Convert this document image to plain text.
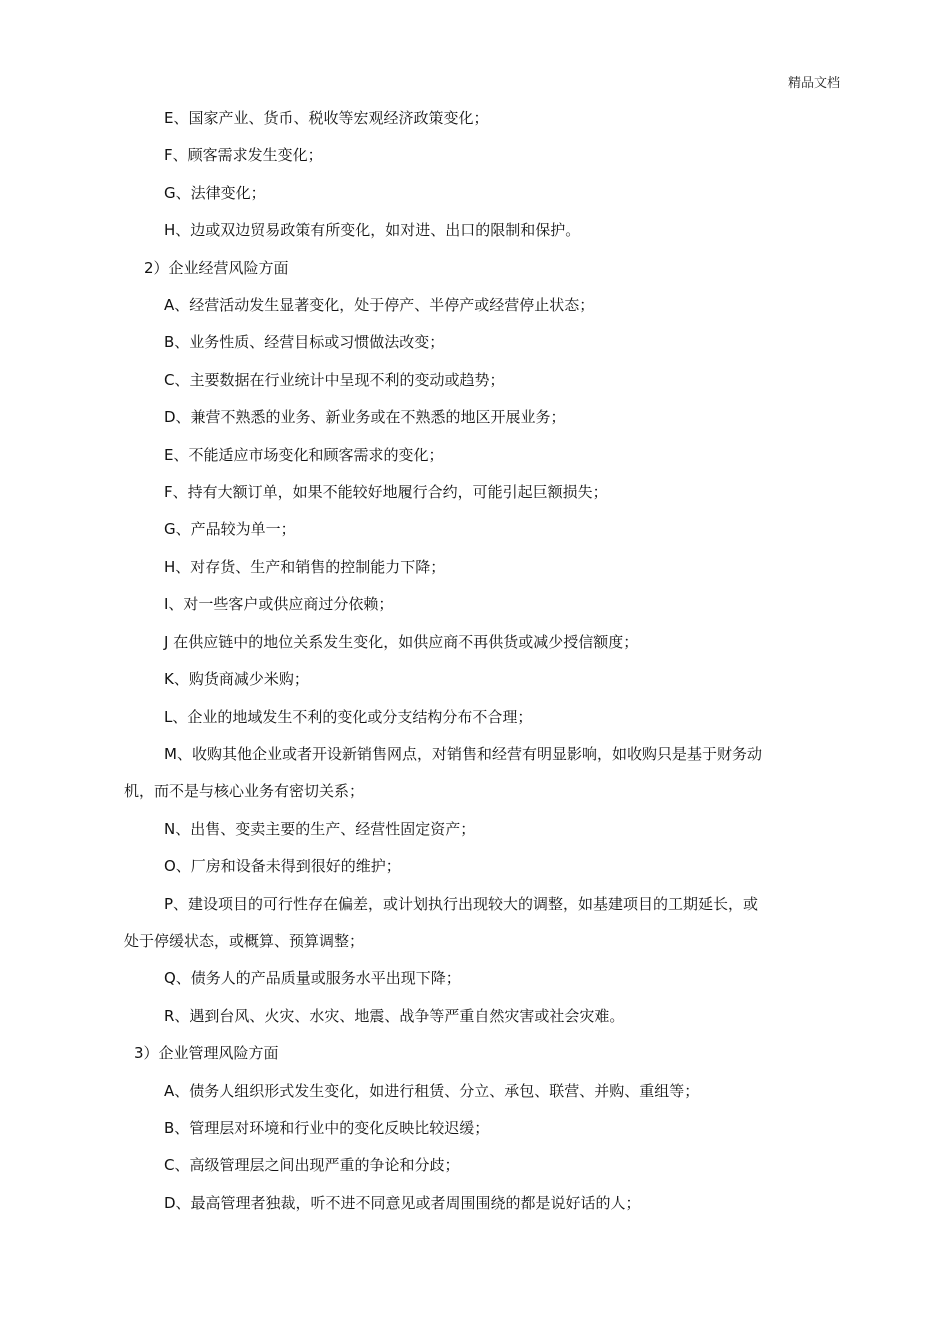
精品文档
E、国家产业、货币、税收等宏观经济政策变化；
F、顾客需求发生变化；
G、法律变化；
H、边或双边贸易政策有所变化，如对进、出口的限制和保护。
2）企业经营风险方面
A、经营活动发生显著变化，处于停产、半停产或经营停止状态；
B、业务性质、经营目标或习惯做法改变；
C、主要数据在行业统计中呈现不利的变动或趋势；
D、兼营不熟悉的业务、新业务或在不熟悉的地区开展业务；
E、不能适应市场变化和顾客需求的变化；
F、持有大额订单，如果不能较好地履行合约，可能引起巨额损失；
G、产品较为单一；
H、对存货、生产和销售的控制能力下降；
I、对一些客户或供应商过分依赖；
J 在供应链中的地位关系发生变化，如供应商不再供货或减少授信额度；
K、购货商减少米购；
L、企业的地域发生不利的变化或分支结构分布不合理；
M、收购其他企业或者开设新销售网点，对销售和经营有明显影响，如收购只是基于财务动
机，而不是与核心业务有密切关系；
N、出售、变卖主要的生产、经营性固定资产；
O、厂房和设备未得到很好的维护；
P、建设项目的可行性存在偏差，或计划执行出现较大的调整，如基建项目的工期延长，或
处于停缓状态，或概算、预算调整；
Q、债务人的产品质量或服务水平出现下降；
R、遇到台风、火灾、水灾、地震、战争等严重自然灾害或社会灾难。
3）企业管理风险方面
A、债务人组织形式发生变化，如进行租赁、分立、承包、联营、并购、重组等；
B、管理层对环境和行业中的变化反映比较迟缓；
C、高级管理层之间出现严重的争论和分歧；
D、最高管理者独裁，听不进不同意见或者周围围绕的都是说好话的人；
